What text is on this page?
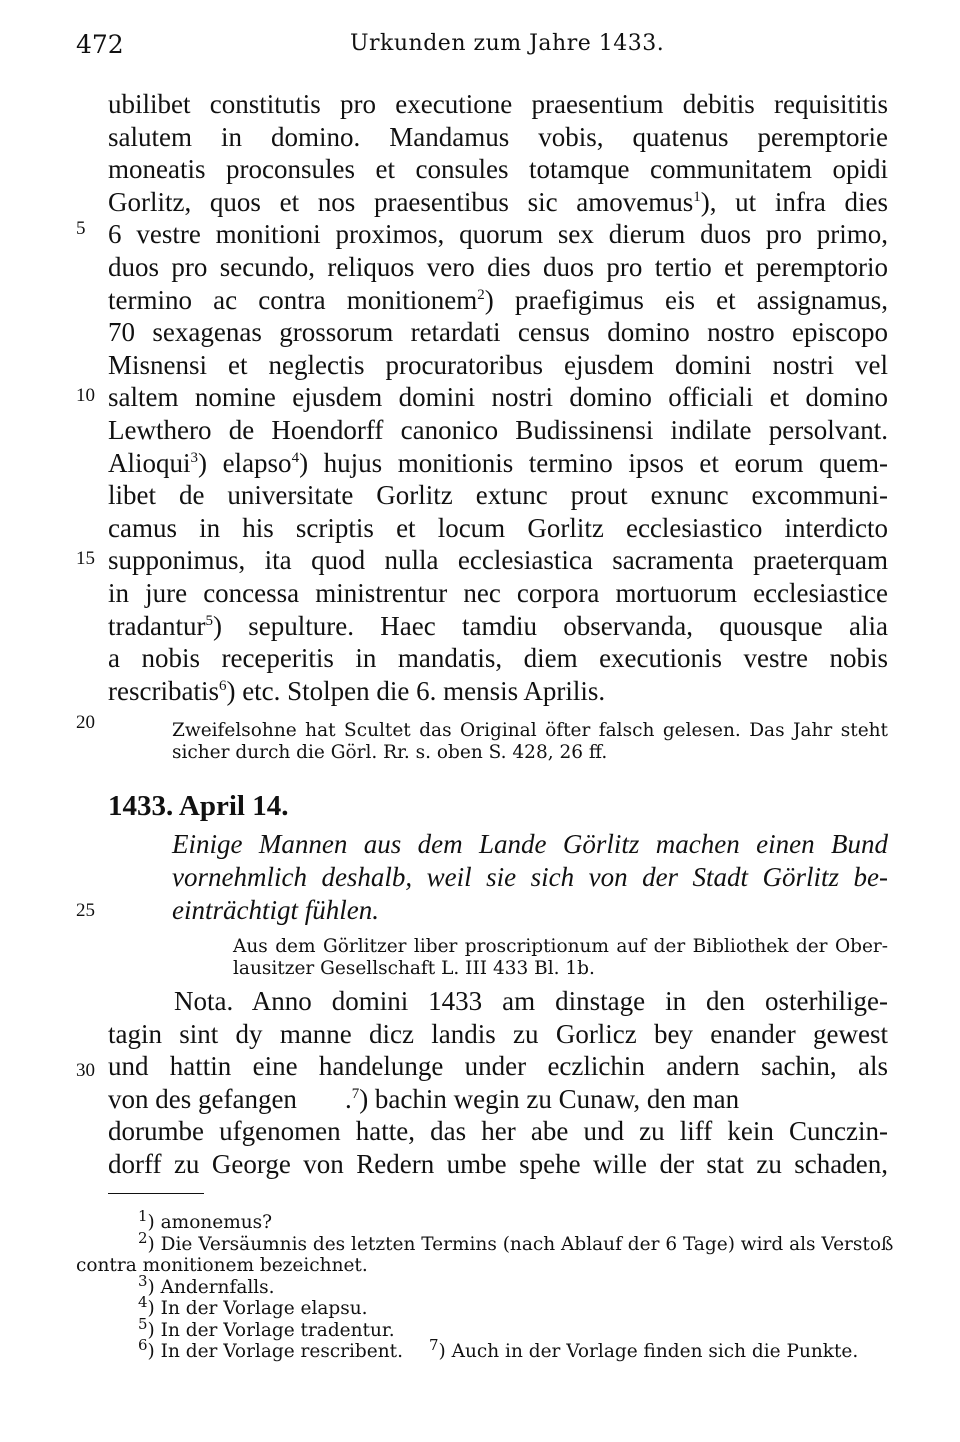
472	Urkunden zum Jahre 1433.
5
10
15
20
25
30
ubilibet constitutis pro executione praesentium debitis requisititis
salutem in domino. Mandamus vobis, quatenus peremptorie
moneatis proconsules et consules totamque communitatem opidi
Gorlitz, quos et nos praesentibus sic amovemus$^1$), ut infra dies
6 vestre monitioni proximos, quorum sex dierum duos pro primo,
duos pro secundo, reliquos vero dies duos pro tertio et peremptorio
termino ac contra monitionem$^2$) praefigimus eis et assignamus,
70 sexagenas grossorum retardati census domino nostro episcopo
Misnensi et neglectis procuratoribus ejusdem domini nostri vel
saltem nomine ejusdem domini nostri domino officiali et domino
Lewthero de Hoendorff canonico Budissinensi indilate persolvant.
Alioqui$^3$) elapso$^4$) hujus monitionis termino ipsos et eorum quem-
libet de universitate Gorlitz extunc prout exnunc excommuni-
camus in his scriptis et locum Gorlitz ecclesiastico interdicto
supponimus, ita quod nulla ecclesiastica sacramenta praeterquam
in jure concessa ministrentur nec corpora mortuorum ecclesiastice
tradantur$^5$) sepulture. Haec tamdiu observanda, quousque alia
a nobis receperitis in mandatis, diem executionis vestre nobis
rescribatis$^6$) etc. Stolpen die 6. mensis Aprilis.
Zweifelsohne hat Scultet das Original öfter falsch gelesen. Das Jahr steht
sicher durch die Görl. Rr. s. oben S. 428, 26 ff.
1433. April 14.
Einige Mannen aus dem Lande Görlitz machen einen Bund
vornehmlich deshalb, weil sie sich von der Stadt Görlitz be-
einträchtigt fühlen.
Aus dem Görlitzer liber proscriptionum auf der Bibliothek der Ober-
lausitzer Gesellschaft L. III 433 Bl. 1b.
Nota. Anno domini 1433 am dinstage in den osterhilige-
tagin sint dy manne dicz landis zu Gorlicz bey enander gewest
und hattin eine handelunge under eczlichin andern sachin, als
von des gefangen .$^7$) bachin wegin zu Cunaw, den man
dorumbe ufgenomen hatte, das her abe und zu liff kein Cunczin-
dorff zu George von Redern umbe spehe wille der stat zu schaden,
$^1$) amonemus?
$^2$) Die Versäumnis des letzten Termins (nach Ablauf der 6 Tage) wird als Verstoß
contra monitionem bezeichnet.
$^3$) Andernfalls.
$^4$) In der Vorlage elapsu.
$^5$) In der Vorlage tradentur.
$^6$) In der Vorlage rescribent. $^7$) Auch in der Vorlage finden sich die Punkte.
